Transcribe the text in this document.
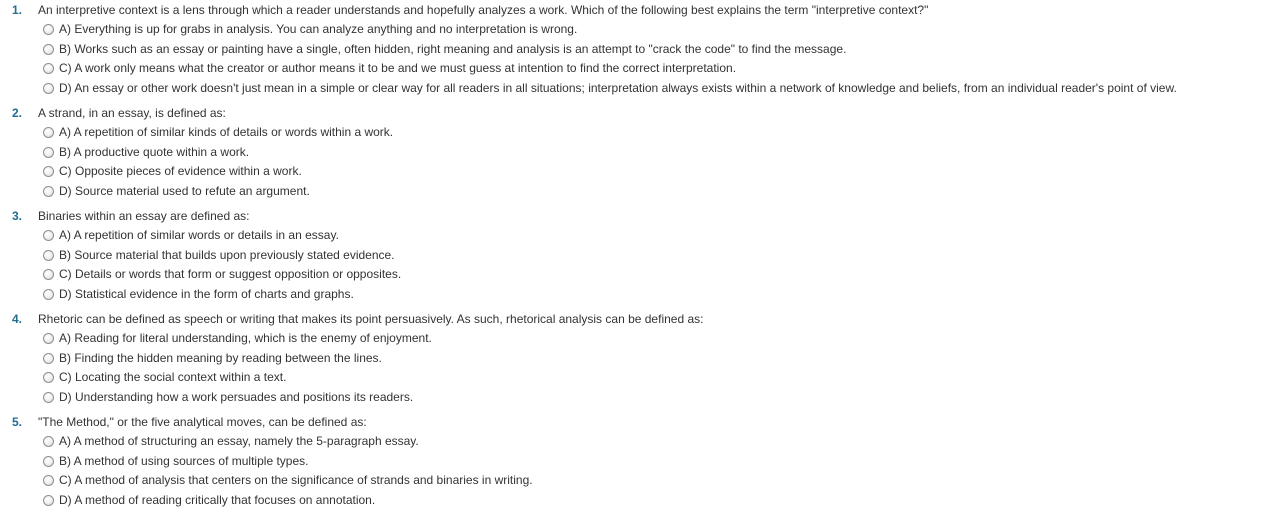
1. An interpretive context is a lens through which a reader understands and hopefully analyzes a work. Which of the following best explains the term "interpretive context?"
A) Everything is up for grabs in analysis. You can analyze anything and no interpretation is wrong.
B) Works such as an essay or painting have a single, often hidden, right meaning and analysis is an attempt to "crack the code" to find the message.
C) A work only means what the creator or author means it to be and we must guess at intention to find the correct interpretation.
D) An essay or other work doesn't just mean in a simple or clear way for all readers in all situations; interpretation always exists within a network of knowledge and beliefs, from an individual reader's point of view.
2. A strand, in an essay, is defined as:
A) A repetition of similar kinds of details or words within a work.
B) A productive quote within a work.
C) Opposite pieces of evidence within a work.
D) Source material used to refute an argument.
3. Binaries within an essay are defined as:
A) A repetition of similar words or details in an essay.
B) Source material that builds upon previously stated evidence.
C) Details or words that form or suggest opposition or opposites.
D) Statistical evidence in the form of charts and graphs.
4. Rhetoric can be defined as speech or writing that makes its point persuasively. As such, rhetorical analysis can be defined as:
A) Reading for literal understanding, which is the enemy of enjoyment.
B) Finding the hidden meaning by reading between the lines.
C) Locating the social context within a text.
D) Understanding how a work persuades and positions its readers.
5. "The Method," or the five analytical moves, can be defined as:
A) A method of structuring an essay, namely the 5-paragraph essay.
B) A method of using sources of multiple types.
C) A method of analysis that centers on the significance of strands and binaries in writing.
D) A method of reading critically that focuses on annotation.
